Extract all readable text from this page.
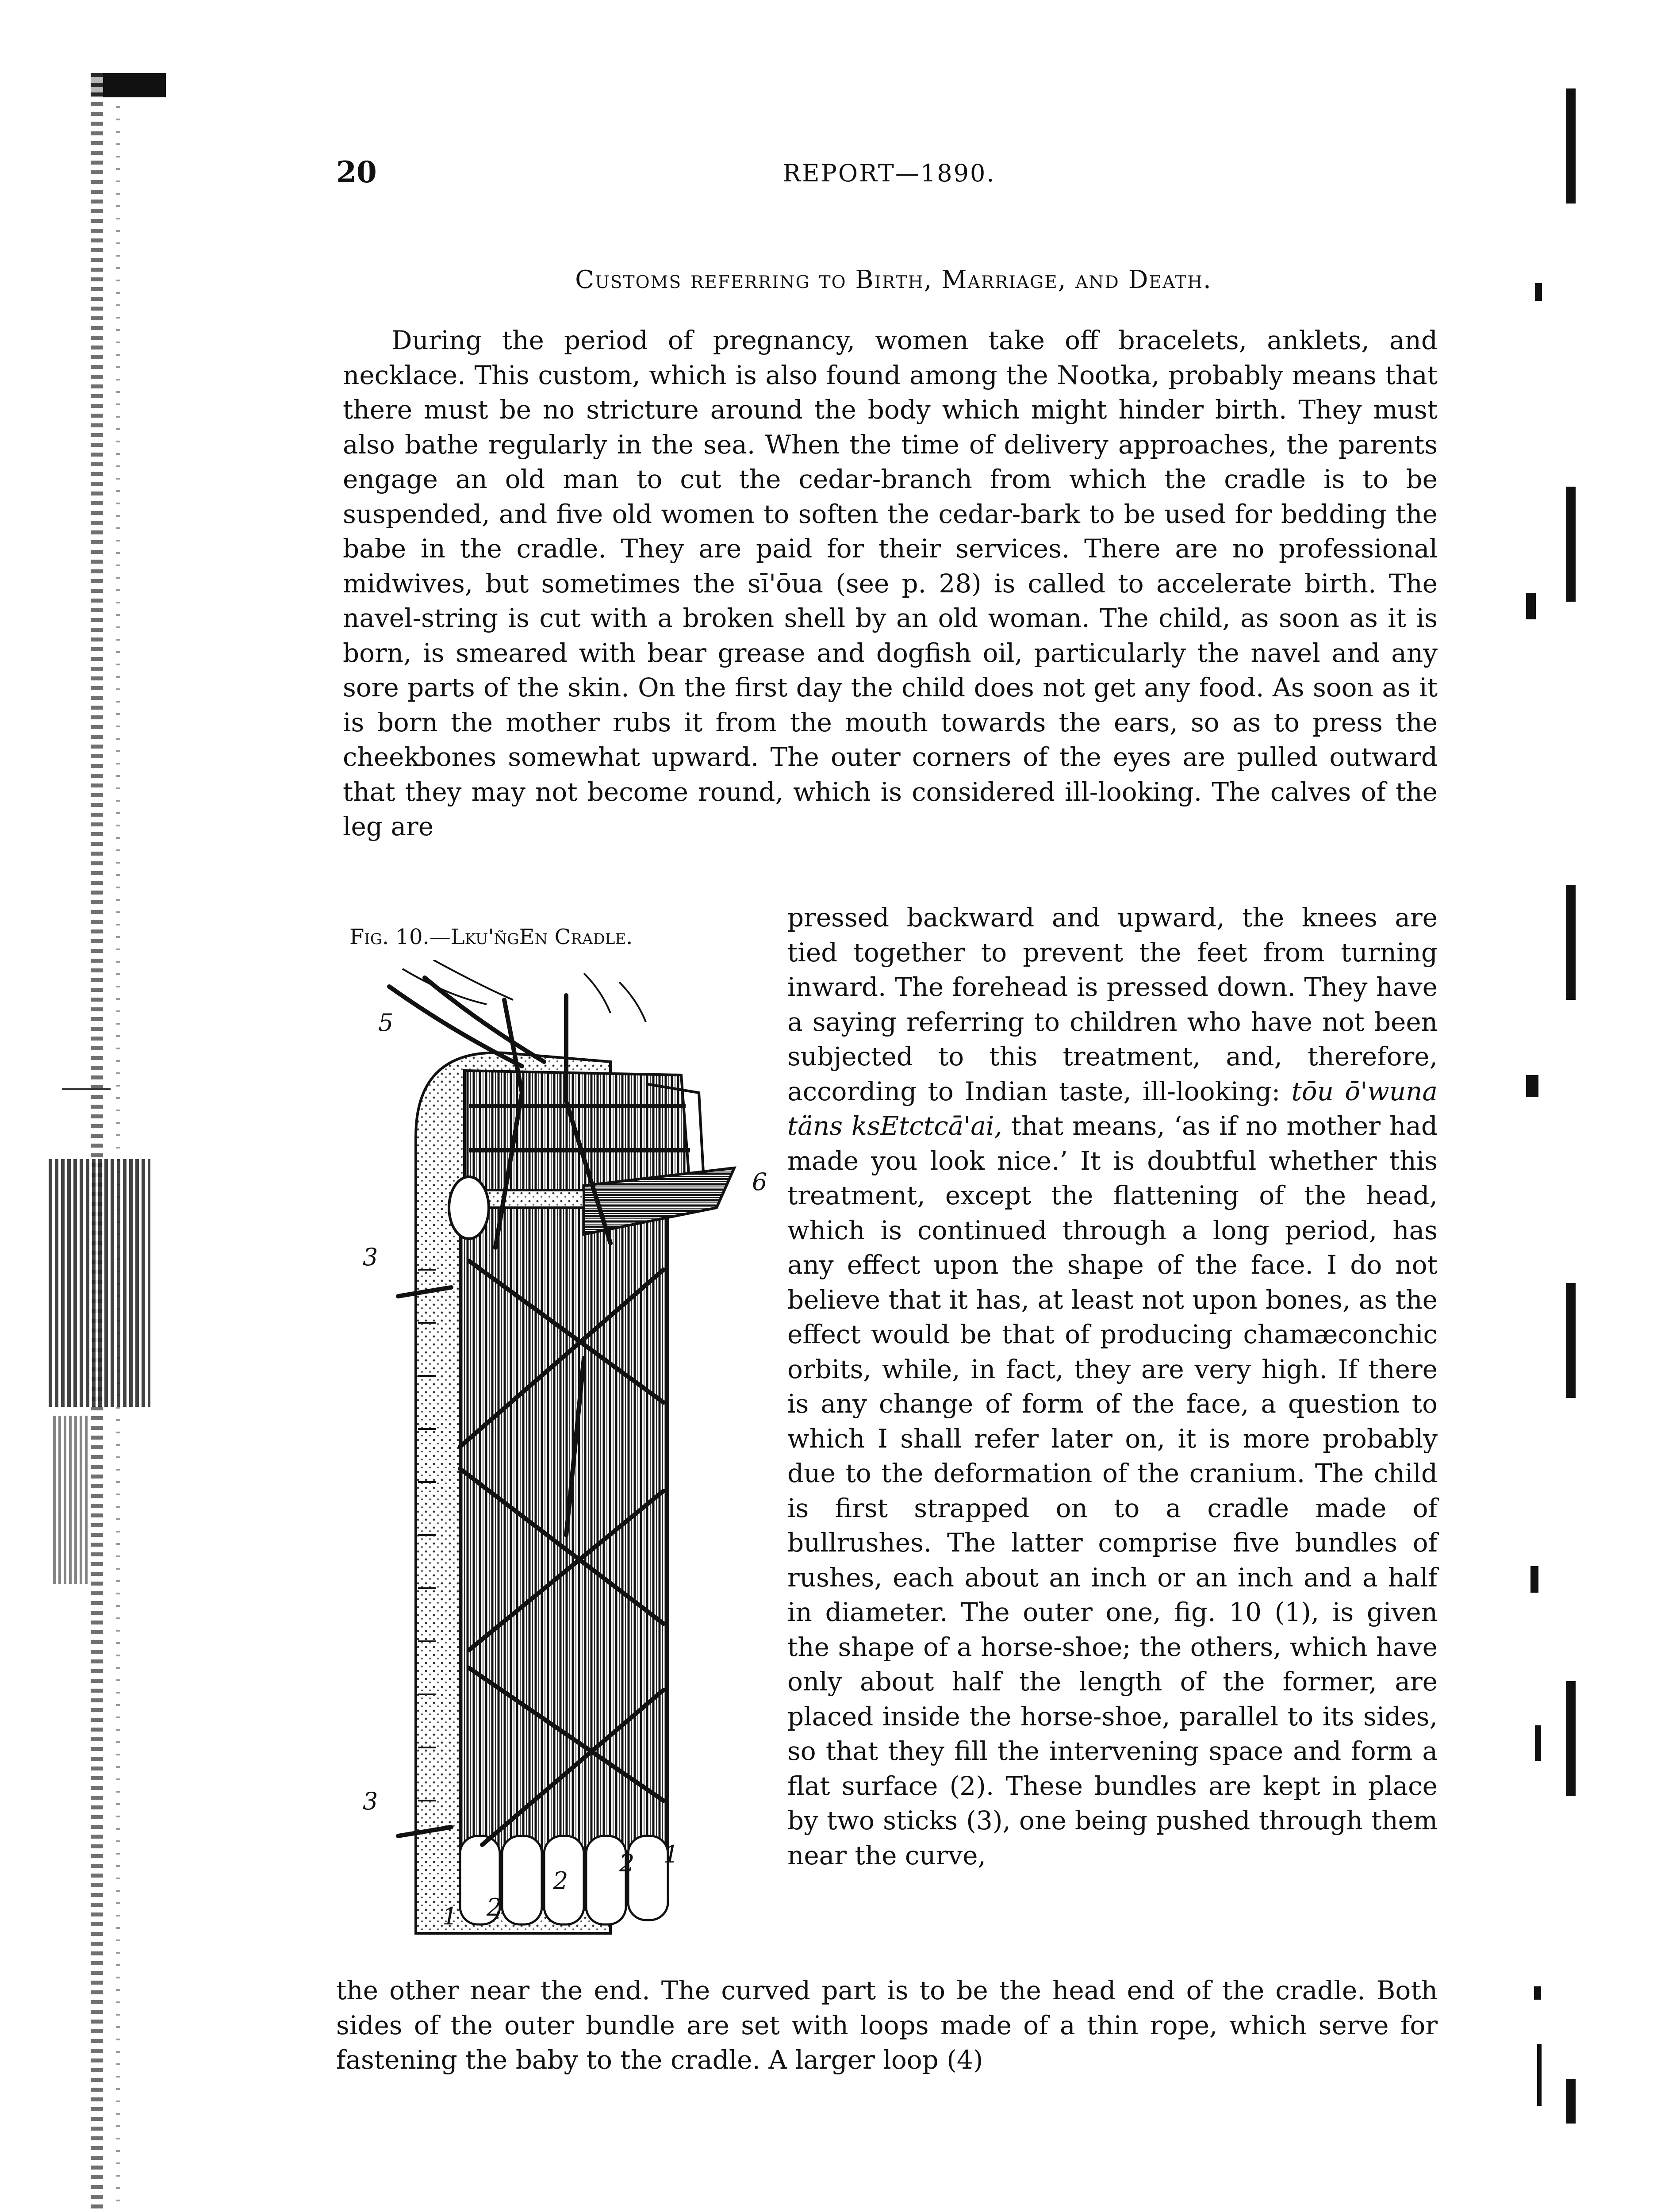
20	REPORT—1890.
Customs referring to Birth, Marriage, and Death.

During the period of pregnancy, women take off bracelets, anklets, and necklace. This custom, which is also found among the Nootka, probably means that there must be no stricture around the body which might hinder birth. They must also bathe regularly in the sea. When the time of delivery approaches, the parents engage an old man to cut the cedar-branch from which the cradle is to be suspended, and five old women to soften the cedar-bark to be used for bedding the babe in the cradle. They are paid for their services. There are no professional midwives, but sometimes the sī'ōua (see p. 28) is called to accelerate birth. The navel-string is cut with a broken shell by an old woman. The child, as soon as it is born, is smeared with bear grease and dogfish oil, particularly the navel and any sore parts of the skin. On the first day the child does not get any food. As soon as it is born the mother rubs it from the mouth towards the ears, so as to press the cheekbones somewhat upward. The outer corners of the eyes are pulled outward that they may not become round, which is considered ill-looking. The calves of the leg are

pressed backward and upward, the knees are tied together to prevent the feet from turning inward. The forehead is pressed down. They have a saying referring to children who have not been subjected to this treatment, and, therefore, according to Indian taste, ill-looking: tōu ō'wuna täns ksEtctcā'ai, that means, ‘as if no mother had made you look nice.’ It is doubtful whether this treatment, except the flattening of the head, which is continued through a long period, has any effect upon the shape of the face. I do not believe that it has, at least not upon bones, as the effect would be that of producing chamæconchic orbits, while, in fact, they are very high. If there is any change of form of the face, a question to which I shall refer later on, it is more probably due to the deformation of the cranium. The child is first strapped on to a cradle made of bullrushes. The latter comprise five bundles of rushes, each about an inch or an inch and a half in diameter. The outer one, fig. 10 (1), is given the shape of a horse-shoe; the others, which have only about half the length of the former, are placed inside the horse-shoe, parallel to its sides, so that they fill the intervening space and form a flat surface (2). These bundles are kept in place by two sticks (3), one being pushed through them near the curve,

the other near the end. The curved part is to be the head end of the cradle. Both sides of the outer bundle are set with loops made of a thin rope, which serve for fastening the baby to the cradle. A larger loop (4)

Fig. 10.—Lku'ñgEn Cradle.
5
6
3
3
1 2
2
2 1
